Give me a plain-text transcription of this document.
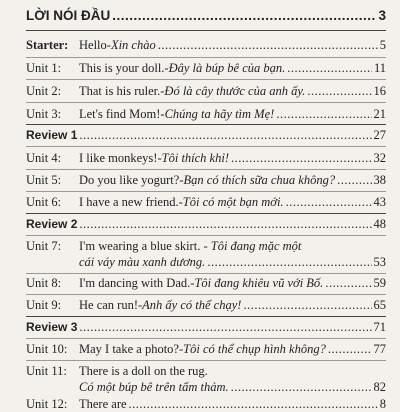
LỜI NÓI ĐẦU .....	3
Starter: Hello - Xin chào .....	5
Unit 1: This is your doll. - Đây là búp bê của bạn. .....	11
Unit 2: That is his ruler. - Đó là cây thước của anh ấy. .....	16
Unit 3: Let's find Mom! - Chúng ta hãy tìm Mẹ! .....	21
Review 1 .....	27
Unit 4: I like monkeys! - Tôi thích khỉ! .....	32
Unit 5: Do you like yogurt? - Bạn có thích sữa chua không? .....	38
Unit 6: I have a new friend. - Tôi có một bạn mới. .....	43
Review 2 .....	48
Unit 7: I'm wearing a blue skirt. - Tôi đang mặc một
cái váy màu xanh dương. .....	53
Unit 8: I'm dancing with Dad. - Tôi đang khiêu vũ với Bố. .....	59
Unit 9: He can run! - Anh ấy có thể chạy! .....	65
Review 3 .....	71
Unit 10: May I take a photo? - Tôi có thể chụp hình không? .....	77
Unit 11: There is a doll on the rug.
Có một búp bê trên tấm thảm. .....	82
Unit 12: There are .....	8
